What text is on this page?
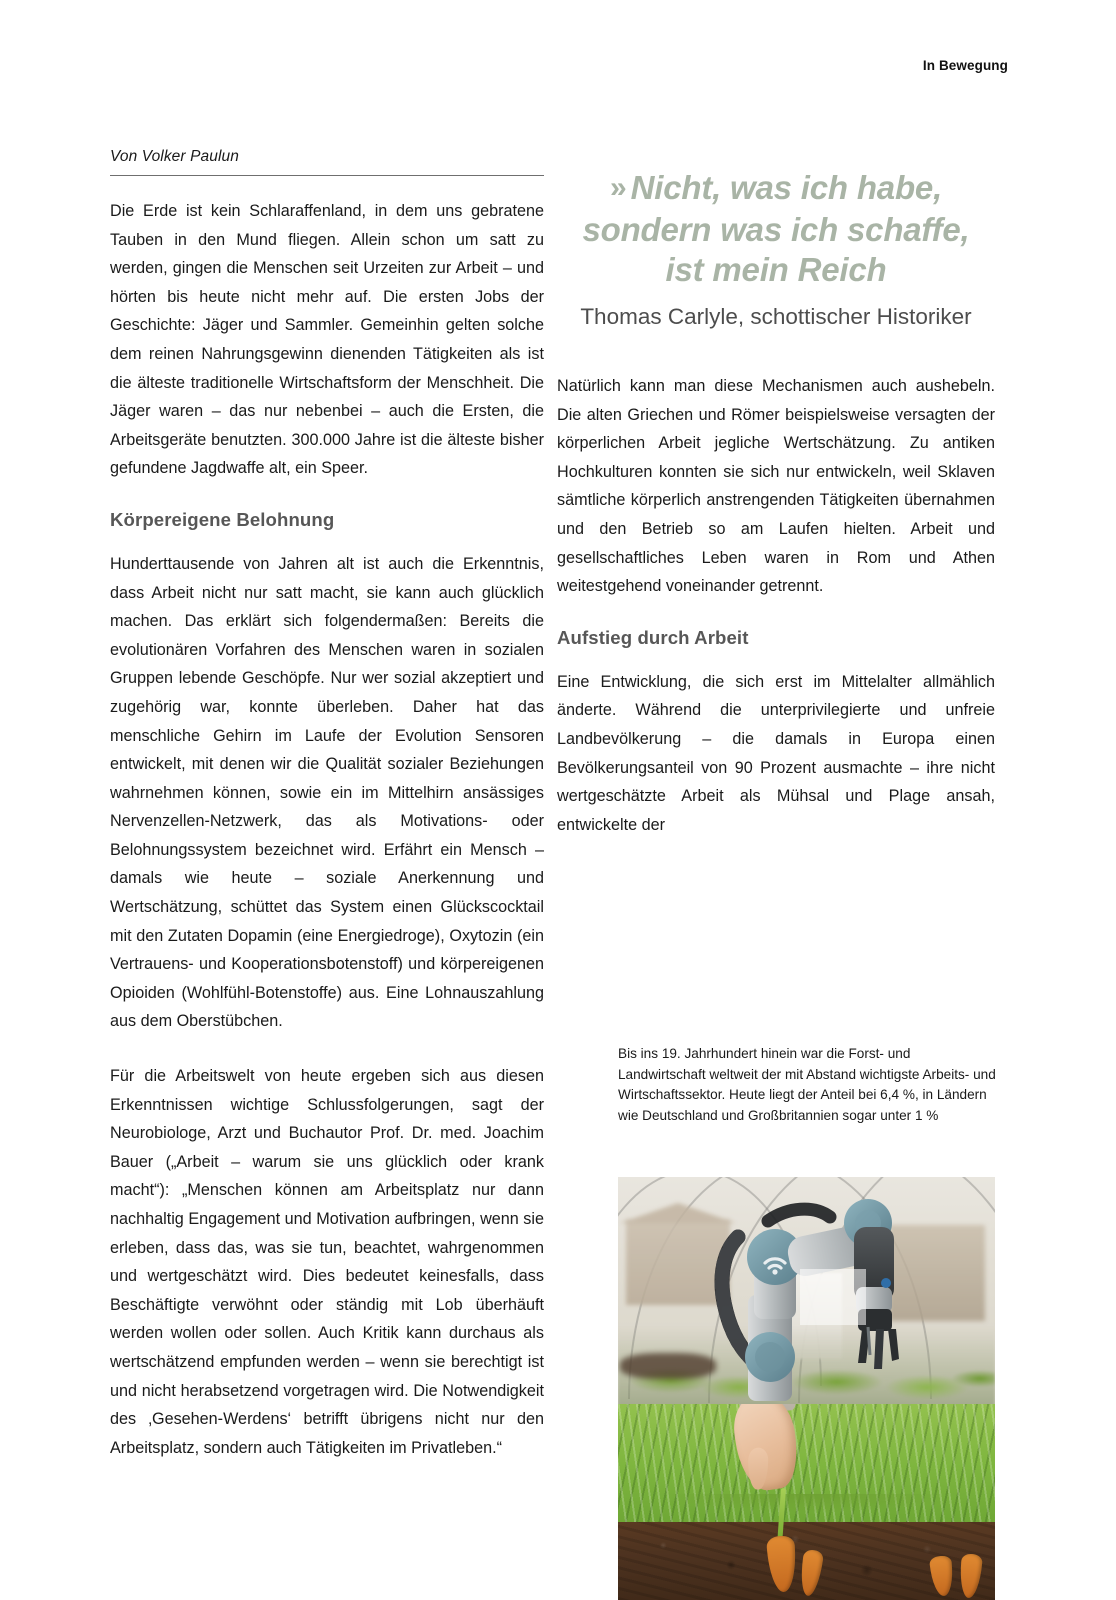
In Bewegung
Von Volker Paulun

Die Erde ist kein Schlaraffenland, in dem uns gebratene Tauben in den Mund fliegen. Allein schon um satt zu werden, gingen die Menschen seit Urzeiten zur Arbeit – und hörten bis heute nicht mehr auf. Die ersten Jobs der Geschichte: Jäger und Sammler. Gemeinhin gelten solche dem reinen Nahrungsgewinn dienenden Tätigkeiten als ist die älteste traditionelle Wirtschaftsform der Menschheit. Die Jäger waren – das nur nebenbei – auch die Ersten, die Arbeitsgeräte benutzten. 300.000 Jahre ist die älteste bisher gefundene Jagdwaffe alt, ein Speer.

Körpereigene Belohnung

Hunderttausende von Jahren alt ist auch die Erkenntnis, dass Arbeit nicht nur satt macht, sie kann auch glücklich machen. Das erklärt sich folgendermaßen: Bereits die evolutionären Vorfahren des Menschen waren in sozialen Gruppen lebende Geschöpfe. Nur wer sozial akzeptiert und zugehörig war, konnte überleben. Daher hat das menschliche Gehirn im Laufe der Evolution Sensoren entwickelt, mit denen wir die Qualität sozialer Beziehungen wahrnehmen können, sowie ein im Mittelhirn ansässiges Nervenzellen-Netzwerk, das als Motivations- oder Belohnungssystem bezeichnet wird. Erfährt ein Mensch – damals wie heute – soziale Anerkennung und Wertschätzung, schüttet das System einen Glückscocktail mit den Zutaten Dopamin (eine Energiedroge), Oxytozin (ein Vertrauens- und Kooperationsbotenstoff) und körpereigenen Opioiden (Wohlfühl-Botenstoffe) aus. Eine Lohnauszahlung aus dem Oberstübchen.

Für die Arbeitswelt von heute ergeben sich aus diesen Erkenntnissen wichtige Schlussfolgerungen, sagt der Neurobiologe, Arzt und Buchautor Prof. Dr. med. Joachim Bauer („Arbeit – warum sie uns glücklich oder krank macht“): „Menschen können am Arbeitsplatz nur dann nachhaltig Engagement und Motivation aufbringen, wenn sie erleben, dass das, was sie tun, beachtet, wahrgenommen und wertgeschätzt wird. Dies bedeutet keinesfalls, dass Beschäftigte verwöhnt oder ständig mit Lob überhäuft werden wollen oder sollen. Auch Kritik kann durchaus als wertschätzend empfunden werden – wenn sie berechtigt ist und nicht herabsetzend vorgetragen wird. Die Notwendigkeit des ‚Gesehen-Werdens‘ betrifft übrigens nicht nur den Arbeitsplatz, sondern auch Tätigkeiten im Privatleben.“

» Nicht, was ich habe, sondern was ich schaffe, ist mein Reich
Thomas Carlyle, schottischer Historiker

Natürlich kann man diese Mechanismen auch aushebeln. Die alten Griechen und Römer beispielsweise versagten der körperlichen Arbeit jegliche Wertschätzung. Zu antiken Hochkulturen konnten sie sich nur entwickeln, weil Sklaven sämtliche körperlich anstrengenden Tätigkeiten übernahmen und den Betrieb so am Laufen hielten. Arbeit und gesellschaftliches Leben waren in Rom und Athen weitestgehend voneinander getrennt.

Aufstieg durch Arbeit

Eine Entwicklung, die sich erst im Mittelalter allmählich änderte. Während die unterprivilegierte und unfreie Landbevölkerung – die damals in Europa einen Bevölkerungsanteil von 90 Prozent ausmachte – ihre nicht wertgeschätzte Arbeit als Mühsal und Plage ansah, entwickelte der

Bis ins 19. Jahrhundert hinein war die Forst- und Landwirtschaft weltweit der mit Abstand wichtigste Arbeits- und Wirtschaftssektor. Heute liegt der Anteil bei 6,4 %, in Ländern wie Deutschland und Großbritannien sogar unter 1 %
